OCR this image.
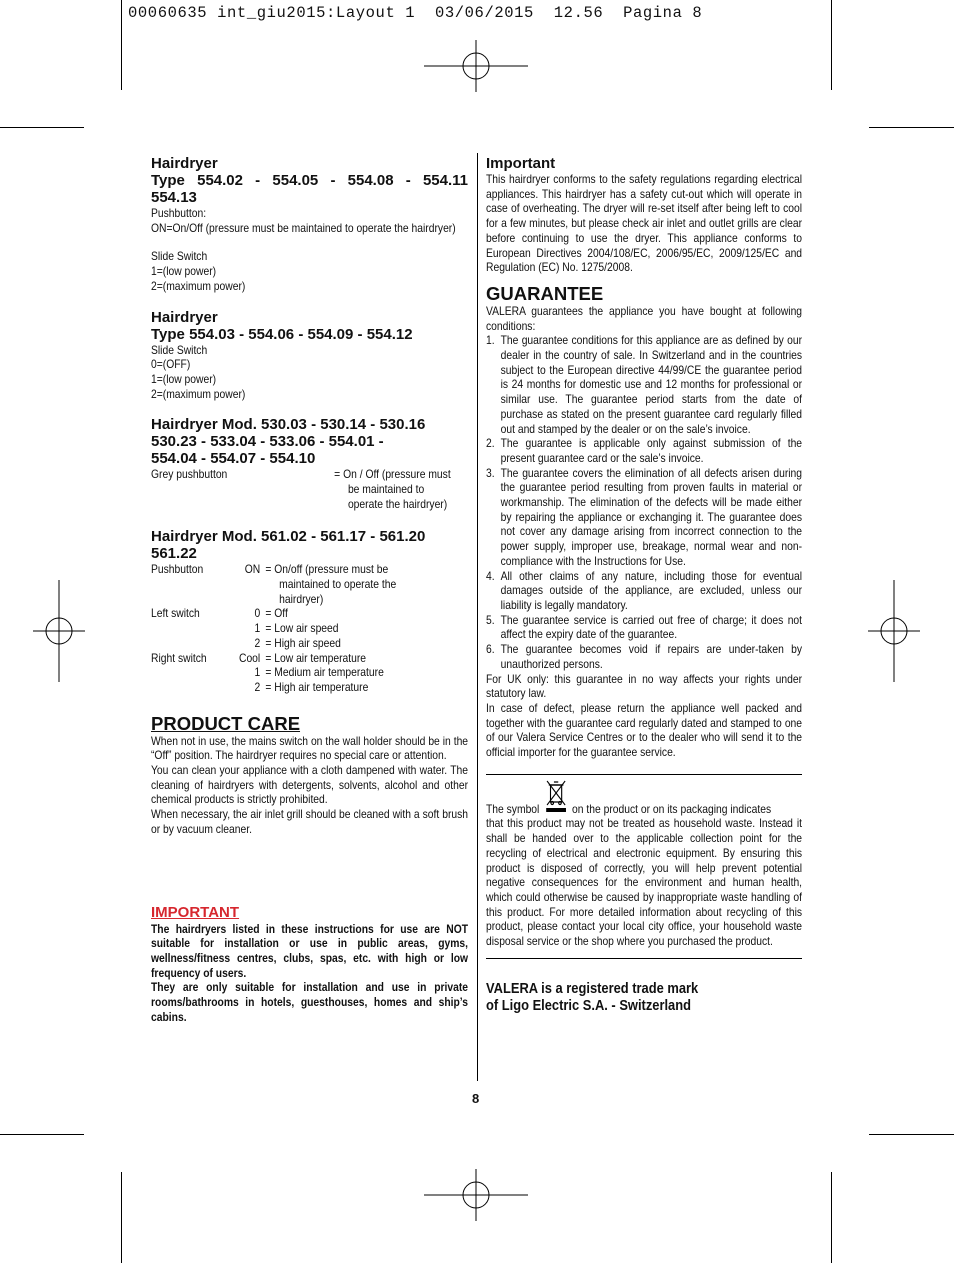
00060635 int_giu2015:Layout 1  03/06/2015  12.56  Pagina 8
Hairdryer
Type 554.02 - 554.05 - 554.08 - 554.11
554.13
Pushbutton:
ON=On/Off (pressure must be maintained to operate the hairdryer)
Slide Switch
1=(low power)
2=(maximum power)
Hairdryer
Type 554.03 - 554.06 - 554.09 - 554.12
Slide Switch
0=(OFF)
1=(low power)
2=(maximum power)
Hairdryer Mod. 530.03 - 530.14 - 530.16
530.23 - 533.04 - 533.06 - 554.01 -
554.04 - 554.07 - 554.10
Grey pushbutton	= On / Off (pressure must
be maintained to
operate the hairdryer)
Hairdryer Mod. 561.02 - 561.17 - 561.20
561.22
Pushbutton	ON = On/off (pressure must be
maintained to operate the
hairdryer)
Left switch	0 = Off
1 = Low air speed
2 = High air speed
Right switch	Cool = Low air temperature
1 = Medium air temperature
2 = High air temperature
PRODUCT CARE
When not in use, the mains switch on the wall holder should be in the “Off” position. The hairdryer requires no special care or attention.
You can clean your appliance with a cloth dampened with water. The cleaning of hairdryers with detergents, solvents, alcohol and other chemical products is strictly prohibited.
When necessary, the air inlet grill should be cleaned with a soft brush or by vacuum cleaner.
IMPORTANT
The hairdryers listed in these instructions for use are NOT suitable for installation or use in public areas, gyms, wellness/fitness centres, clubs, spas, etc. with high or low frequency of users.
They are only suitable for installation and use in private rooms/bathrooms in hotels, guesthouses, homes and ship’s cabins.
Important
This hairdryer conforms to the safety regulations regarding electrical appliances. This hairdryer has a safety cut-out which will operate in case of overheating. The dryer will re-set itself after being left to cool for a few minutes, but please check air inlet and outlet grills are clear before continuing to use the dryer. This appliance conforms to European Directives 2004/108/EC, 2006/95/EC, 2009/125/EC and Regulation (EC) No. 1275/2008.
GUARANTEE
VALERA guarantees the appliance you have bought at following conditions:
1. The guarantee conditions for this appliance are as defined by our dealer in the country of sale. In Switzerland and in the countries subject to the European directive 44/99/CE the guarantee period is 24 months for domestic use and 12 months for professional or similar use. The guarantee period starts from the date of purchase as stated on the present guarantee card regularly filled out and stamped by the dealer or on the sale’s invoice.
2. The guarantee is applicable only against submission of the present guarantee card or the sale’s invoice.
3. The guarantee covers the elimination of all defects arisen during the guarantee period resulting from proven faults in material or workmanship. The elimination of the defects will be made either by repairing the appliance or exchanging it. The guarantee does not cover any damage arising from incorrect connection to the power supply, improper use, breakage, normal wear and non-compliance with the Instructions for Use.
4. All other claims of any nature, including those for eventual damages outside of the appliance, are excluded, unless our liability is legally mandatory.
5. The guarantee service is carried out free of charge; it does not affect the expiry date of the guarantee.
6. The guarantee becomes void if repairs are under-taken by unauthorized persons.
For UK only: this guarantee in no way affects your rights under statutory law.
In case of defect, please return the appliance well packed and together with the guarantee card regularly dated and stamped to one of our Valera Service Centres or to the dealer who will send it to the official importer for the guarantee service.
The symbol	on the product or on its packaging indicates
that this product may not be treated as household waste. Instead it shall be handed over to the applicable collection point for the recycling of electrical and electronic equipment. By ensuring this product is disposed of correctly, you will help prevent potential negative consequences for the environment and human health, which could otherwise be caused by inappropriate waste handling of this product. For more detailed information about recycling of this product, please contact your local city office, your household waste disposal service or the shop where you purchased the product.
VALERA is a registered trade mark
of Ligo Electric S.A. - Switzerland
8
